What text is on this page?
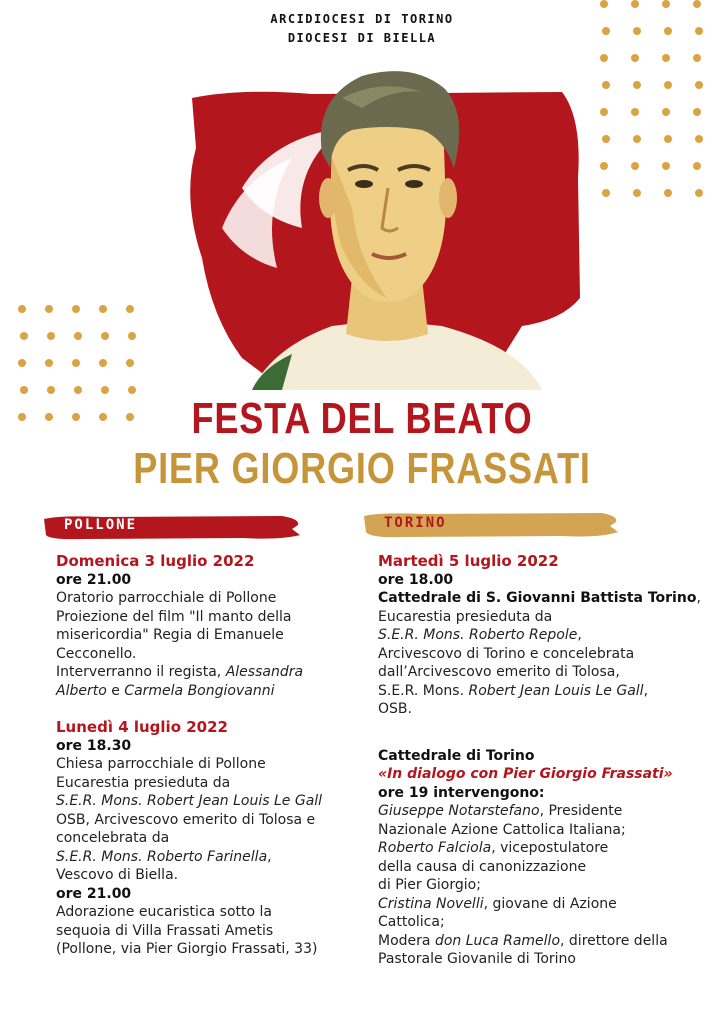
ARCIDIOCESI DI TORINO
DIOCESI DI BIELLA
FESTA DEL BEATO
PIER GIORGIO FRASSATI
POLLONE	TORINO
Domenica 3 luglio 2022
ore 21.00
Oratorio parrocchiale di Pollone
Proiezione del film "Il manto della
misericordia" Regia di Emanuele
Cecconello.
Interverranno il regista, Alessandra
Alberto e Carmela Bongiovanni
Lunedì 4 luglio 2022
ore 18.30
Chiesa parrocchiale di Pollone
Eucarestia presieduta da
S.E.R. Mons. Robert Jean Louis Le Gall
OSB, Arcivescovo emerito di Tolosa e
concelebrata da
S.E.R. Mons. Roberto Farinella,
Vescovo di Biella.
ore 21.00
Adorazione eucaristica sotto la
sequoia di Villa Frassati Ametis
(Pollone, via Pier Giorgio Frassati, 33)
Martedì 5 luglio 2022
ore 18.00
Cattedrale di S. Giovanni Battista Torino,
Eucarestia presieduta da
S.E.R. Mons. Roberto Repole,
Arcivescovo di Torino e concelebrata
dall’Arcivescovo emerito di Tolosa,
S.E.R. Mons. Robert Jean Louis Le Gall,
OSB.
Cattedrale di Torino
«In dialogo con Pier Giorgio Frassati»
ore 19 intervengono:
Giuseppe Notarstefano, Presidente
Nazionale Azione Cattolica Italiana;
Roberto Falciola, vicepostulatore
della causa di canonizzazione
di Pier Giorgio;
Cristina Novelli, giovane di Azione
Cattolica;
Modera don Luca Ramello, direttore della
Pastorale Giovanile di Torino
